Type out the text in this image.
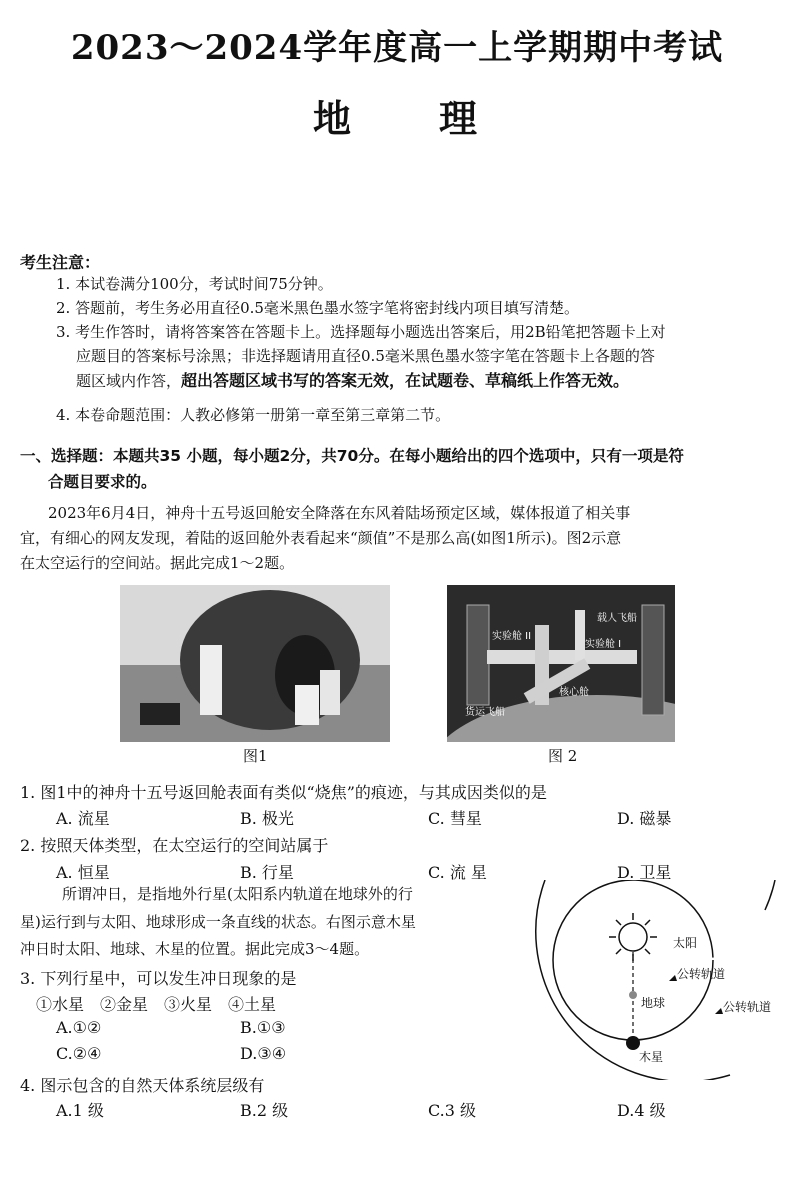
2023～2024学年度高一上学期期中考试
地　　理
考生注意：
1. 本试卷满分100分，考试时间75分钟。
2. 答题前，考生务必用直径0.5毫米黑色墨水签字笔将密封线内项目填写清楚。
3. 考生作答时，请将答案答在答题卡上。选择题每小题选出答案后，用2B铅笔把答题卡上对
应题目的答案标号涂黑；非选择题请用直径0.5毫米黑色墨水签字笔在答题卡上各题的答
题区域内作答，超出答题区域书写的答案无效，在试题卷、草稿纸上作答无效。
4. 本卷命题范围：人教必修第一册第一章至第三章第二节。
一、选择题：本题共35 小题，每小题2分，共70分。在每小题给出的四个选项中，只有一项是符
合题目要求的。
2023年6月4日，神舟十五号返回舱安全降落在东风着陆场预定区域，媒体报道了相关事
宜，有细心的网友发现，着陆的返回舱外表看起来“颜值”不是那么高(如图1所示)。图2示意
在太空运行的空间站。据此完成1～2题。
图1
实验舱 II
载人飞船
实验舱 I
核心舱
货运飞船
图 2
1. 图1中的神舟十五号返回舱表面有类似“烧焦”的痕迹，与其成因类似的是
A. 流星	B. 极光	C. 彗星	D. 磁暴
2. 按照天体类型，在太空运行的空间站属于
A. 恒星	B. 行星	C. 流 星	D. 卫星
所谓冲日，是指地外行星(太阳系内轨道在地球外的行
星)运行到与太阳、地球形成一条直线的状态。右图示意木星
冲日时太阳、地球、木星的位置。据此完成3～4题。	太阳
公转轨道
地球	公转轨道
木星
3. 下列行星中，可以发生冲日现象的是
①水星　②金星　③火星　④土星
A.①②	B.①③
C.②④	D.③④
4. 图示包含的自然天体系统层级有
A.1 级	B.2 级	C.3 级	D.4 级
